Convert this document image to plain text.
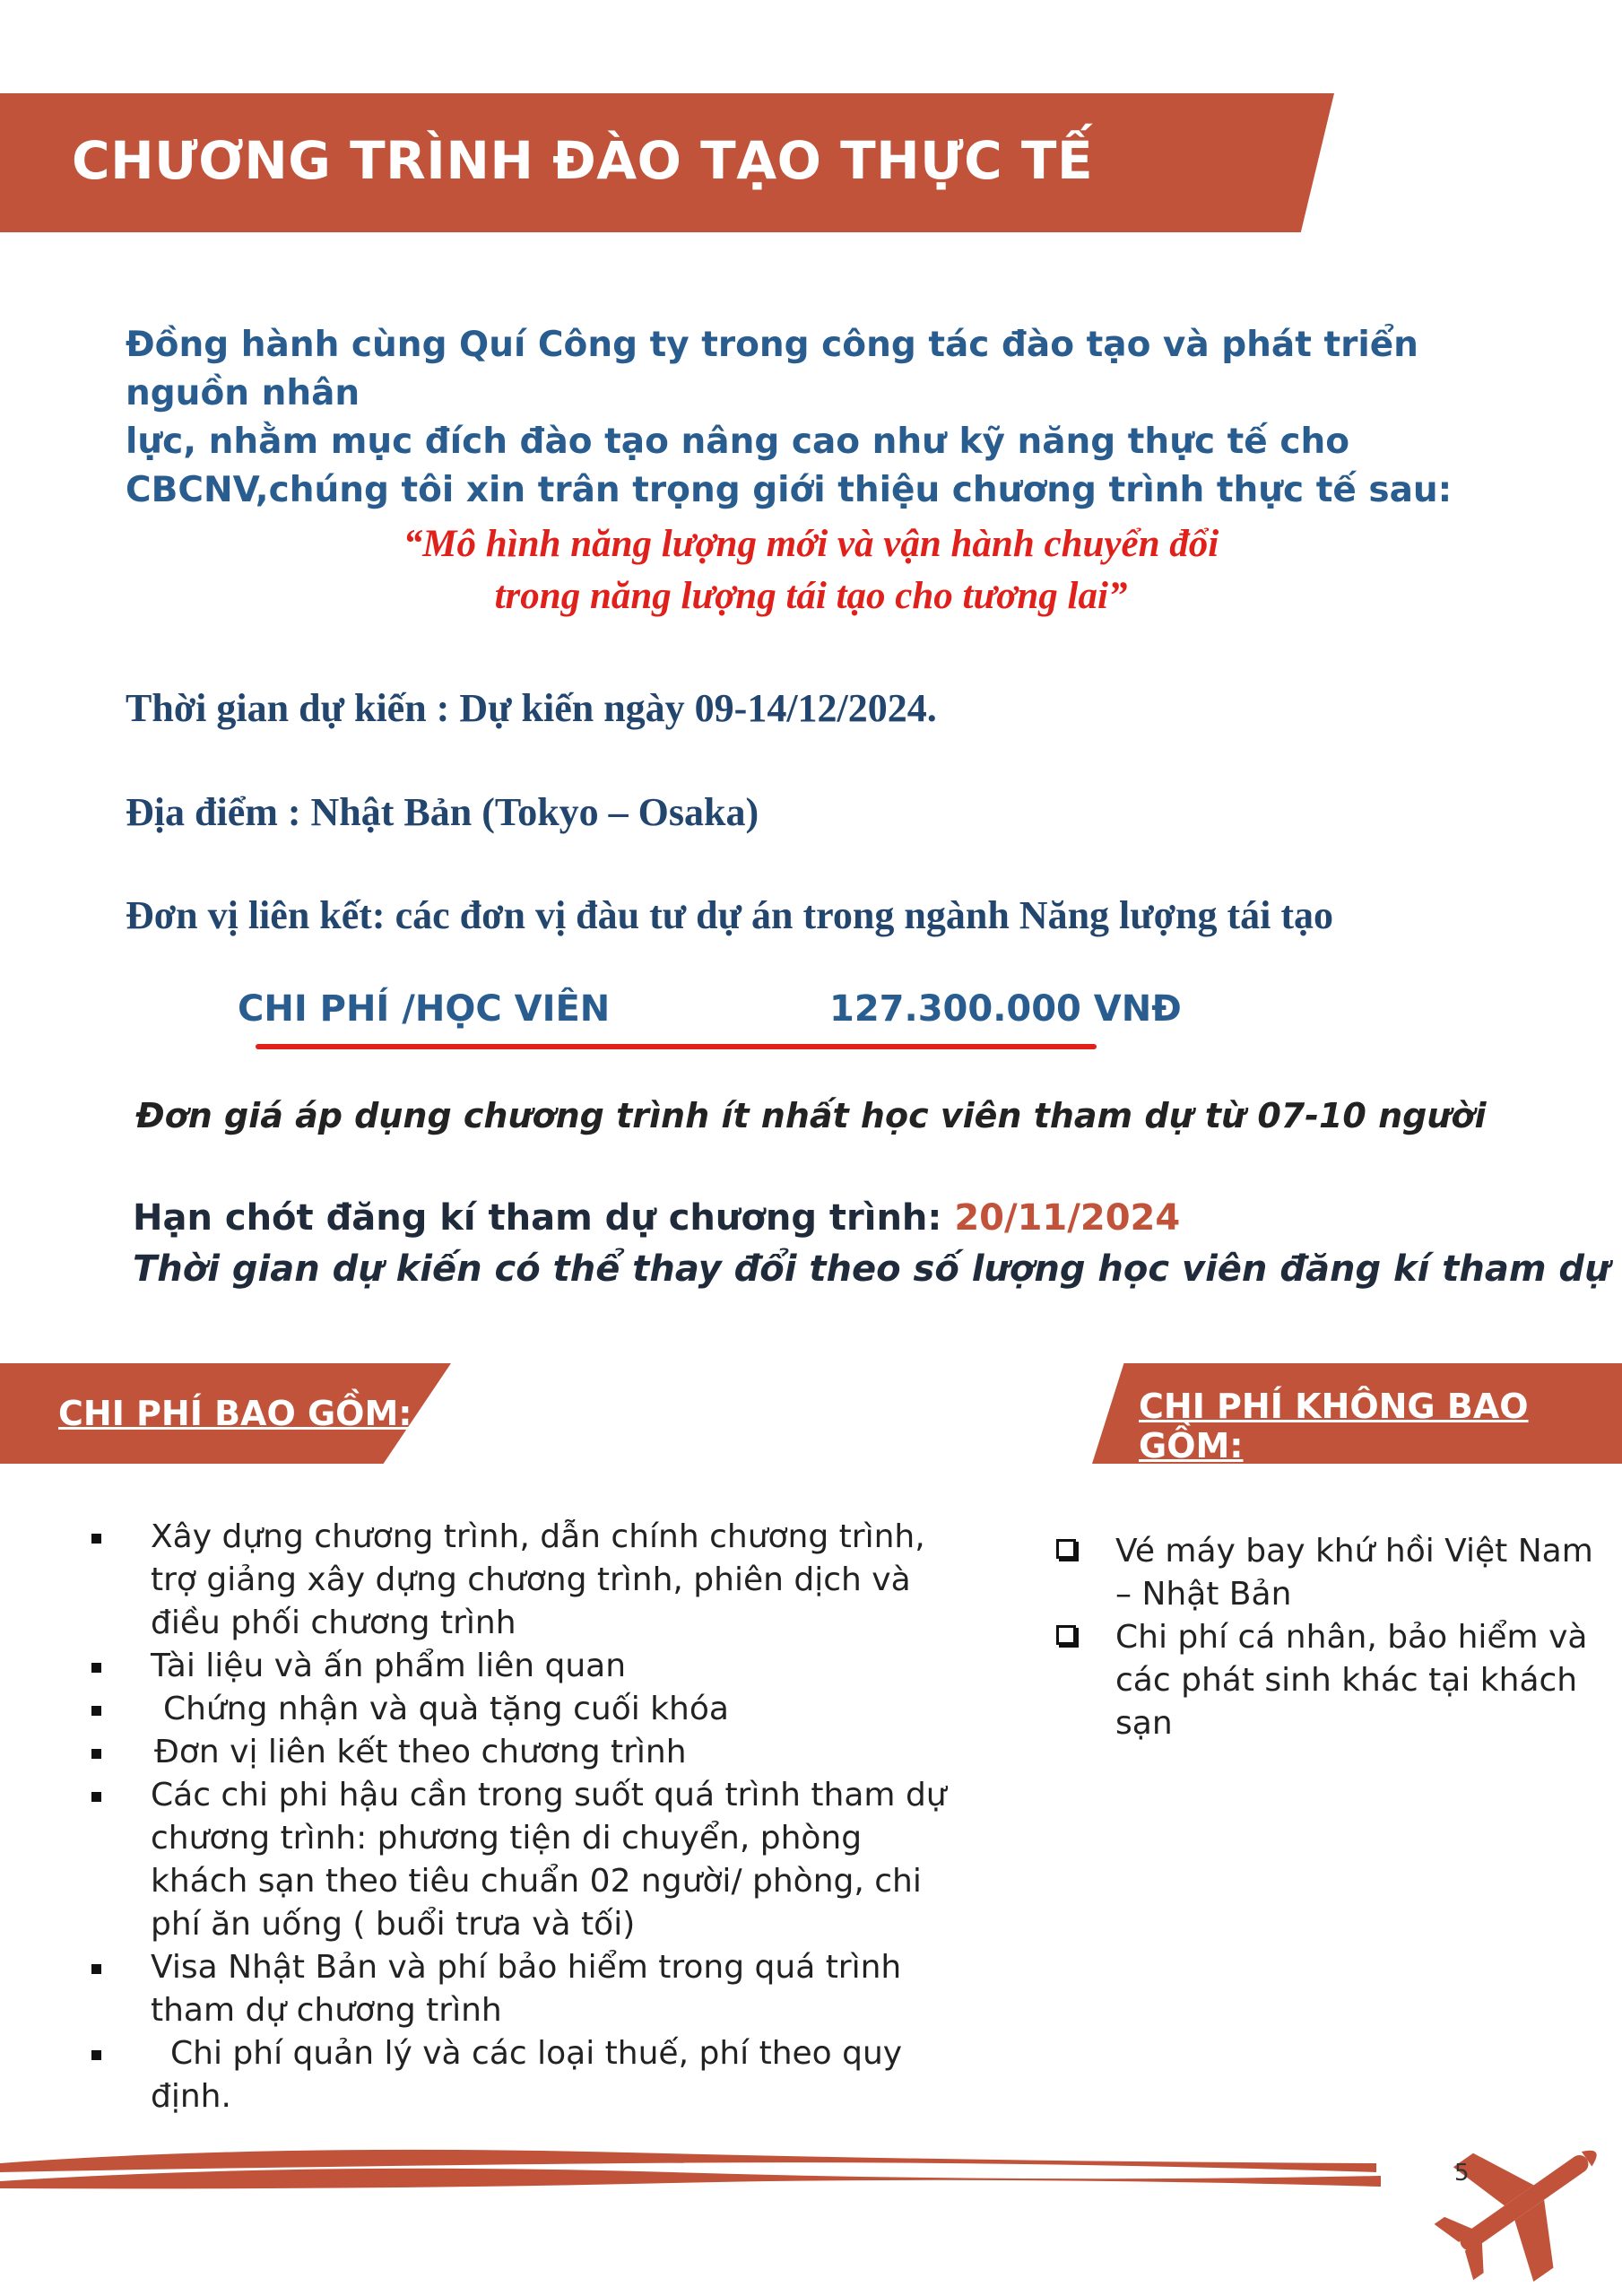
CHƯƠNG TRÌNH ĐÀO TẠO THỰC TẾ
Đồng hành cùng Quí Công ty trong công tác đào tạo và phát triển nguồn nhân
lực, nhằm mục đích đào tạo nâng cao như kỹ năng thực tế cho
CBCNV,chúng tôi xin trân trọng giới thiệu chương trình thực tế sau:
“Mô hình năng lượng mới và vận hành chuyển đổi
trong năng lượng tái tạo cho tương lai”
Thời gian dự kiến : Dự kiến ngày 09-14/12/2024.
Địa điểm : Nhật Bản (Tokyo – Osaka)
Đơn vị liên kết: các đơn vị đàu tư dự án trong ngành Năng lượng tái tạo
CHI PHÍ /HỌC VIÊN	127.300.000 VNĐ
Đơn giá áp dụng chương trình ít nhất học viên tham dự từ 07-10 người
Hạn chót đăng kí tham dự chương trình: 20/11/2024
Thời gian dự kiến có thể thay đổi theo số lượng học viên đăng kí tham dự
CHI PHÍ BAO GỒM:	CHI PHÍ KHÔNG BAO GỒM:
Xây dựng chương trình, dẫn chính chương trình, trợ giảng xây dựng chương trình, phiên dịch và điều phối chương trình
Tài liệu và ấn phẩm liên quan
Chứng nhận và quà tặng cuối khóa
Đơn vị liên kết theo chương trình
Các chi phi hậu cần trong suốt quá trình tham dự chương trình: phương tiện di chuyển, phòng khách sạn theo tiêu chuẩn 02 người/ phòng, chi phí ăn uống ( buổi trưa và tối)
Visa Nhật Bản và phí bảo hiểm trong quá trình tham dự chương trình
Chi phí quản lý và các loại thuế, phí theo quy định.
Vé máy bay khứ hồi Việt Nam – Nhật Bản
Chi phí cá nhân, bảo hiểm và các phát sinh khác tại khách sạn
5
